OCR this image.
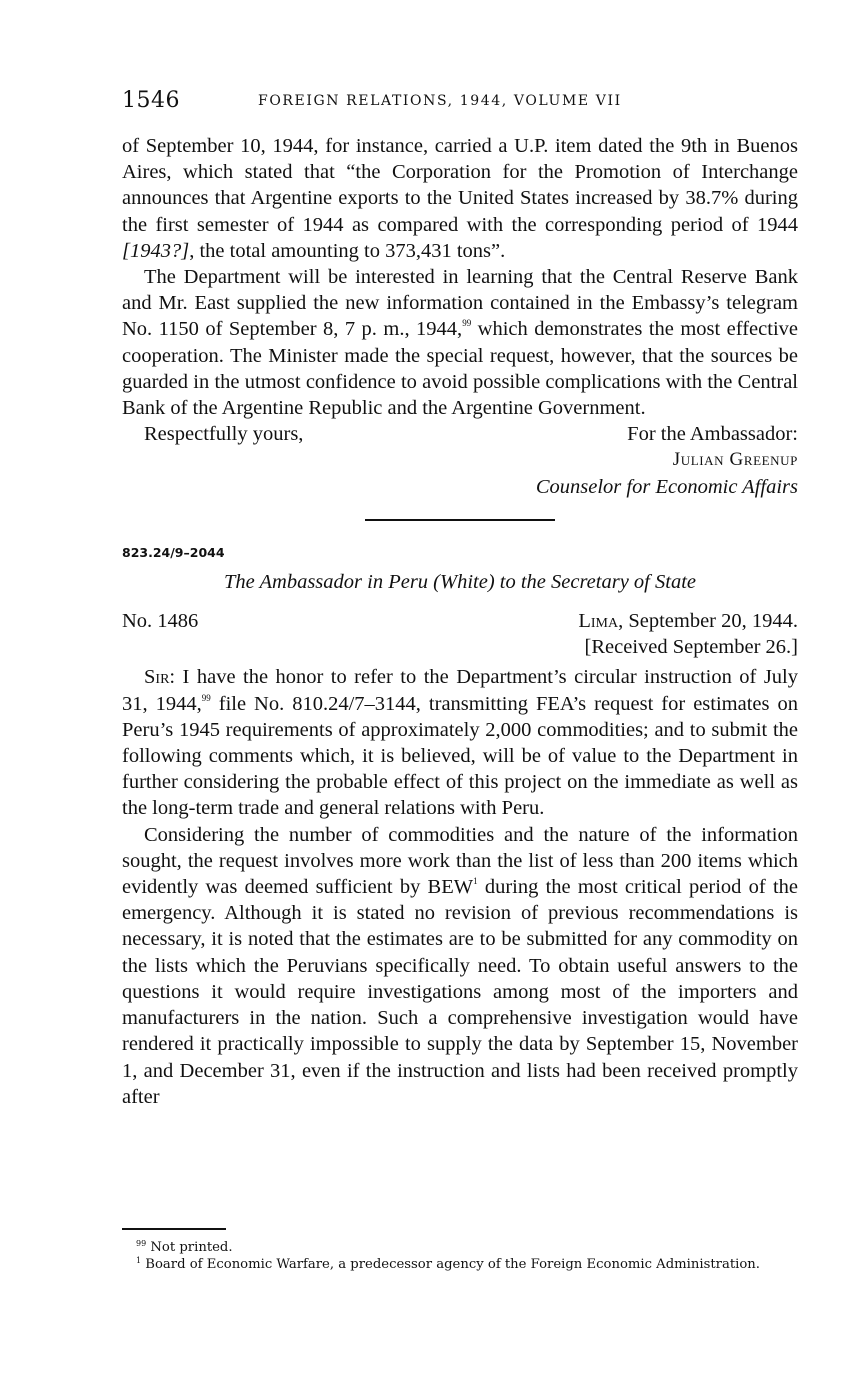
1546	FOREIGN RELATIONS, 1944, VOLUME VII

of September 10, 1944, for instance, carried a U.P. item dated the 9th in Buenos Aires, which stated that “the Corporation for the Promotion of Interchange announces that Argentine exports to the United States increased by 38.7% during the first semester of 1944 as compared with the corresponding period of 1944 [1943?], the total amounting to 373,431 tons”.

The Department will be interested in learning that the Central Reserve Bank and Mr. East supplied the new information contained in the Embassy’s telegram No. 1150 of September 8, 7 p. m., 1944,99 which demonstrates the most effective cooperation. The Minister made the special request, however, that the sources be guarded in the utmost confidence to avoid possible complications with the Central Bank of the Argentine Republic and the Argentine Government.

Respectfully yours,	For the Ambassador:

Julian Greenup

Counselor for Economic Affairs

823.24/9–2044

The Ambassador in Peru (White) to the Secretary of State

No. 1486	Lima, September 20, 1944.

[Received September 26.]

Sir: I have the honor to refer to the Department’s circular instruction of July 31, 1944,99 file No. 810.24/7–3144, transmitting FEA’s request for estimates on Peru’s 1945 requirements of approximately 2,000 commodities; and to submit the following comments which, it is believed, will be of value to the Department in further considering the probable effect of this project on the immediate as well as the long-term trade and general relations with Peru.

Considering the number of commodities and the nature of the information sought, the request involves more work than the list of less than 200 items which evidently was deemed sufficient by BEW$^1$ during the most critical period of the emergency. Although it is stated no revision of previous recommendations is necessary, it is noted that the estimates are to be submitted for any commodity on the lists which the Peruvians specifically need. To obtain useful answers to the questions it would require investigations among most of the importers and manufacturers in the nation. Such a comprehensive investigation would have rendered it practically impossible to supply the data by September 15, November 1, and December 31, even if the instruction and lists had been received promptly after

$^{99}$ Not printed.

$^1$ Board of Economic Warfare, a predecessor agency of the Foreign Economic Administration.
